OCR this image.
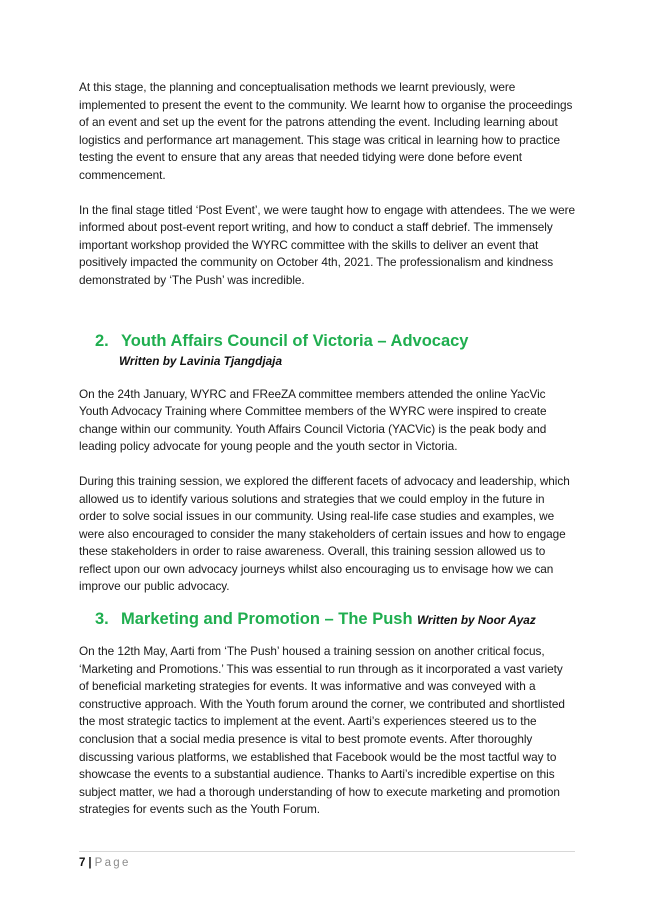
At this stage, the planning and conceptualisation methods we learnt previously, were implemented to present the event to the community. We learnt how to organise the proceedings of an event and set up the event for the patrons attending the event. Including learning about logistics and performance art management. This stage was critical in learning how to practice testing the event to ensure that any areas that needed tidying were done before event commencement.

In the final stage titled ‘Post Event’, we were taught how to engage with attendees. The we were informed about post-event report writing, and how to conduct a staff debrief. The immensely important workshop provided the WYRC committee with the skills to deliver an event that positively impacted the community on October 4th, 2021. The professionalism and kindness demonstrated by ‘The Push’ was incredible.

2. Youth Affairs Council of Victoria – Advocacy
Written by Lavinia Tjangdjaja

On the 24th January, WYRC and FReeZA committee members attended the online YacVic Youth Advocacy Training where Committee members of the WYRC were inspired to create change within our community. Youth Affairs Council Victoria (YACVic) is the peak body and leading policy advocate for young people and the youth sector in Victoria.

During this training session, we explored the different facets of advocacy and leadership, which allowed us to identify various solutions and strategies that we could employ in the future in order to solve social issues in our community. Using real-life case studies and examples, we were also encouraged to consider the many stakeholders of certain issues and how to engage these stakeholders in order to raise awareness. Overall, this training session allowed us to reflect upon our own advocacy journeys whilst also encouraging us to envisage how we can improve our public advocacy.

3. Marketing and Promotion – The Push Written by Noor Ayaz

On the 12th May, Aarti from ‘The Push’ housed a training session on another critical focus, ‘Marketing and Promotions.’ This was essential to run through as it incorporated a vast variety of beneficial marketing strategies for events. It was informative and was conveyed with a constructive approach. With the Youth forum around the corner, we contributed and shortlisted the most strategic tactics to implement at the event. Aarti’s experiences steered us to the conclusion that a social media presence is vital to best promote events. After thoroughly discussing various platforms, we established that Facebook would be the most tactful way to showcase the events to a substantial audience. Thanks to Aarti’s incredible expertise on this subject matter, we had a thorough understanding of how to execute marketing and promotion strategies for events such as the Youth Forum.

7 | Page
